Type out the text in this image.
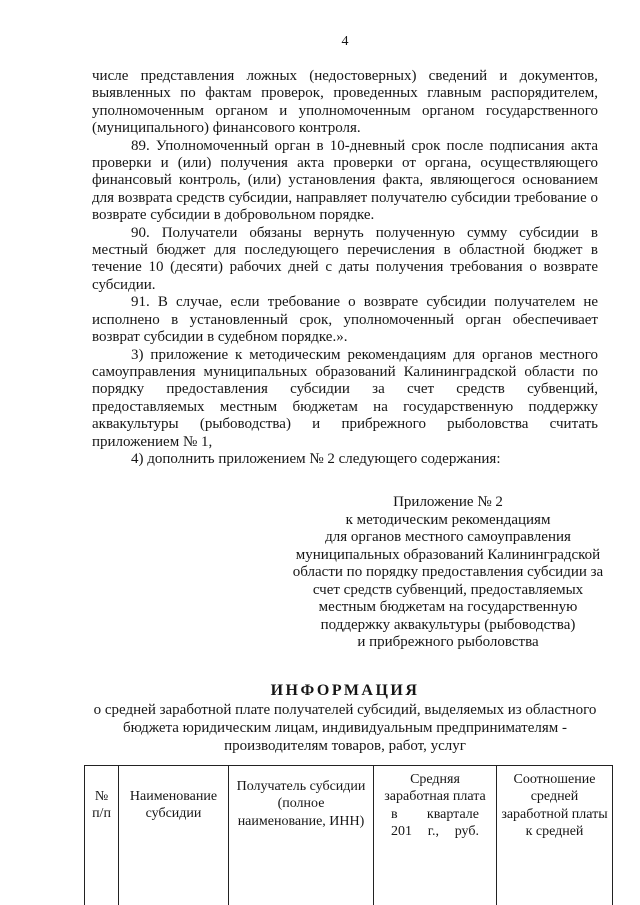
4

числе представления ложных (недостоверных) сведений и документов, выявленных по фактам проверок, проведенных главным распорядителем, уполномоченным органом и уполномоченным органом государственного (муниципального) финансового контроля.

89. Уполномоченный орган в 10-дневный срок после подписания акта проверки и (или) получения акта проверки от органа, осуществляющего финансовый контроль, (или) установления факта, являющегося основанием для возврата средств субсидии, направляет получателю субсидии требование о возврате субсидии в добровольном порядке.

90. Получатели обязаны вернуть полученную сумму субсидии в местный бюджет для последующего перечисления в областной бюджет в течение 10 (десяти) рабочих дней с даты получения требования о возврате субсидии.

91. В случае, если требование о возврате субсидии получателем не исполнено в установленный срок, уполномоченный орган обеспечивает возврат субсидии в судебном порядке.».

3) приложение к методическим рекомендациям для органов местного самоуправления муниципальных образований Калининградской области по порядку предоставления субсидии за счет средств субвенций, предоставляемых местным бюджетам на государственную поддержку аквакультуры (рыбоводства) и прибрежного рыболовства считать приложением № 1,

4) дополнить приложением № 2 следующего содержания:

Приложение № 2
к методическим рекомендациям
для органов местного самоуправления
муниципальных образований Калининградской
области по порядку предоставления субсидии за
счет средств субвенций, предоставляемых
местным бюджетам на государственную
поддержку аквакультуры (рыбоводства)
и прибрежного рыболовства
ИНФОРМАЦИЯ
о средней заработной плате получателей субсидий, выделяемых из областного
бюджета юридическим лицам, индивидуальным предпринимателям -
производителям товаров, работ, услуг
№
п/п

Наименование
субсидии

Получатель субсидии
(полное
наименование, ИНН)

Средняя
заработная плата
в квартале
201 г., руб.

Соотношение
средней
заработной платы
к средней
